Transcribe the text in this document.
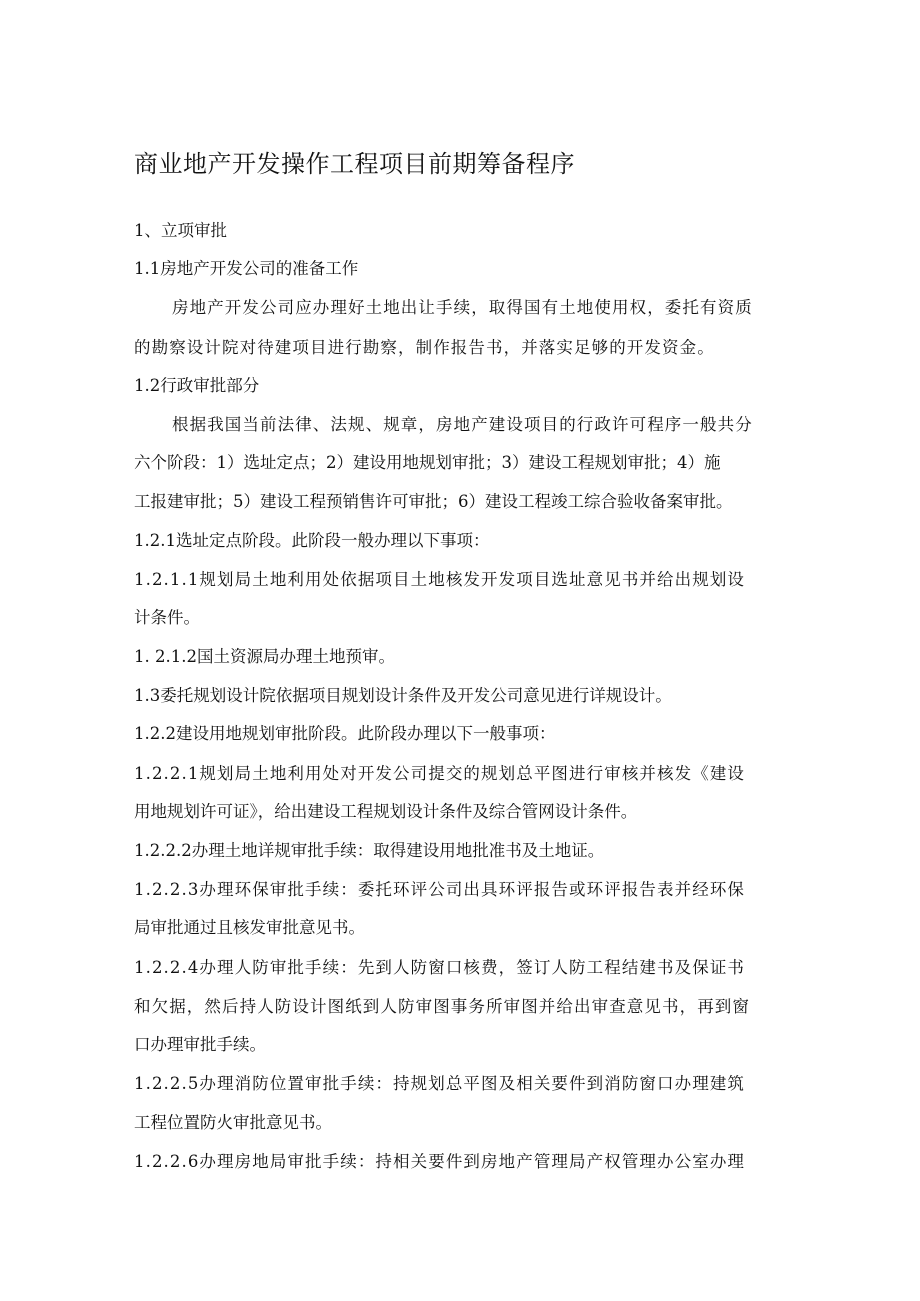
商业地产开发操作工程项目前期筹备程序

1、立项审批

1.1房地产开发公司的准备工作

房地产开发公司应办理好土地出让手续，取得国有土地使用权，委托有资质

的勘察设计院对待建项目进行勘察，制作报告书，并落实足够的开发资金。

1.2行政审批部分

根据我国当前法律、法规、规章，房地产建设项目的行政许可程序一般共分

六个阶段：1）选址定点；2）建设用地规划审批；3）建设工程规划审批；4）施

工报建审批；5）建设工程预销售许可审批；6）建设工程竣工综合验收备案审批。

1.2.1选址定点阶段。此阶段一般办理以下事项：

1.2.1.1规划局土地利用处依据项目土地核发开发项目选址意见书并给出规划设

计条件。

1. 2.1.2国土资源局办理土地预审。

1.3委托规划设计院依据项目规划设计条件及开发公司意见进行详规设计。

1.2.2建设用地规划审批阶段。此阶段办理以下一般事项：

1.2.2.1规划局土地利用处对开发公司提交的规划总平图进行审核并核发《建设

用地规划许可证》，给出建设工程规划设计条件及综合管网设计条件。

1.2.2.2办理土地详规审批手续：取得建设用地批准书及土地证。

1.2.2.3办理环保审批手续：委托环评公司出具环评报告或环评报告表并经环保

局审批通过且核发审批意见书。

1.2.2.4办理人防审批手续：先到人防窗口核费，签订人防工程结建书及保证书

和欠据，然后持人防设计图纸到人防审图事务所审图并给出审查意见书，再到窗

口办理审批手续。

1.2.2.5办理消防位置审批手续：持规划总平图及相关要件到消防窗口办理建筑

工程位置防火审批意见书。

1.2.2.6办理房地局审批手续：持相关要件到房地产管理局产权管理办公室办理
